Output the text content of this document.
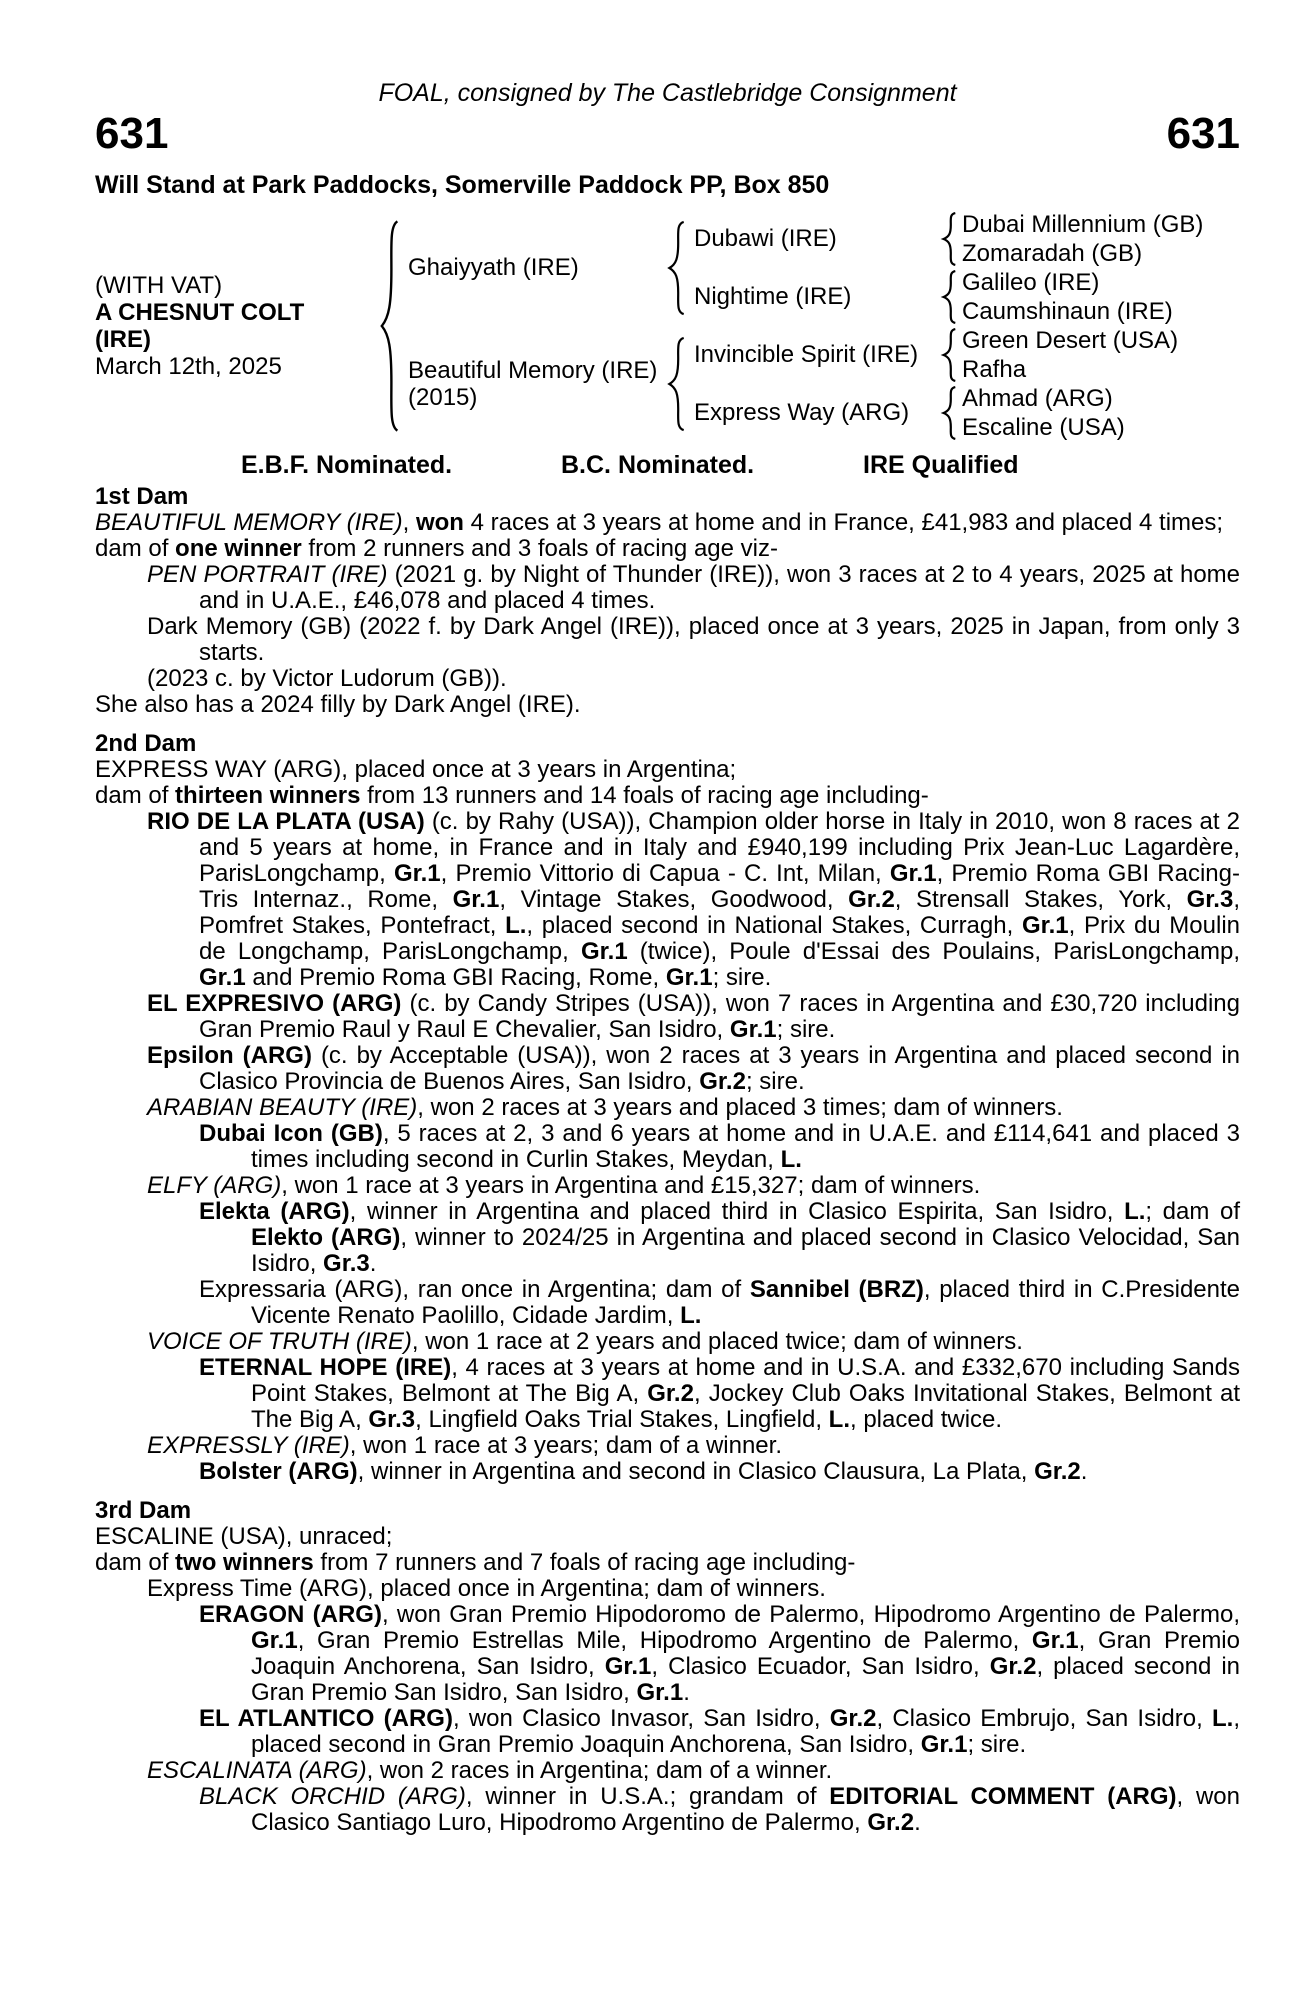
FOAL, consigned by The Castlebridge Consignment
631	631
Will Stand at Park Paddocks, Somerville Paddock PP, Box 850
(WITH VAT)
A CHESNUT COLT
(IRE)
March 12th, 2025
Ghaiyyath (IRE)
Beautiful Memory (IRE)
(2015)
Dubawi (IRE)
Nightime (IRE)
Invincible Spirit (IRE)
Express Way (ARG)
Dubai Millennium (GB)
Zomaradah (GB)
Galileo (IRE)
Caumshinaun (IRE)
Green Desert (USA)
Rafha
Ahmad (ARG)
Escaline (USA)
E.B.F. Nominated.	B.C. Nominated.	IRE Qualified
1st Dam
BEAUTIFUL MEMORY (IRE), won 4 races at 3 years at home and in France, £41,983 and placed 4 times;
dam of one winner from 2 runners and 3 foals of racing age viz-
PEN PORTRAIT (IRE) (2021 g. by Night of Thunder (IRE)), won 3 races at 2 to 4 years, 2025 at home and in U.A.E., £46,078 and placed 4 times.
Dark Memory (GB) (2022 f. by Dark Angel (IRE)), placed once at 3 years, 2025 in Japan, from only 3 starts.
(2023 c. by Victor Ludorum (GB)).
She also has a 2024 filly by Dark Angel (IRE).
2nd Dam
EXPRESS WAY (ARG), placed once at 3 years in Argentina;
dam of thirteen winners from 13 runners and 14 foals of racing age including-
RIO DE LA PLATA (USA) (c. by Rahy (USA)), Champion older horse in Italy in 2010, won 8 races at 2 and 5 years at home, in France and in Italy and £940,199 including Prix Jean-Luc Lagardère, ParisLongchamp, Gr.1, Premio Vittorio di Capua - C. Int, Milan, Gr.1, Premio Roma GBI Racing-Tris Internaz., Rome, Gr.1, Vintage Stakes, Goodwood, Gr.2, Strensall Stakes, York, Gr.3, Pomfret Stakes, Pontefract, L., placed second in National Stakes, Curragh, Gr.1, Prix du Moulin de Longchamp, ParisLongchamp, Gr.1 (twice), Poule d'Essai des Poulains, ParisLongchamp, Gr.1 and Premio Roma GBI Racing, Rome, Gr.1; sire.
EL EXPRESIVO (ARG) (c. by Candy Stripes (USA)), won 7 races in Argentina and £30,720 including Gran Premio Raul y Raul E Chevalier, San Isidro, Gr.1; sire.
Epsilon (ARG) (c. by Acceptable (USA)), won 2 races at 3 years in Argentina and placed second in Clasico Provincia de Buenos Aires, San Isidro, Gr.2; sire.
ARABIAN BEAUTY (IRE), won 2 races at 3 years and placed 3 times; dam of winners.
Dubai Icon (GB), 5 races at 2, 3 and 6 years at home and in U.A.E. and £114,641 and placed 3 times including second in Curlin Stakes, Meydan, L.
ELFY (ARG), won 1 race at 3 years in Argentina and £15,327; dam of winners.
Elekta (ARG), winner in Argentina and placed third in Clasico Espirita, San Isidro, L.; dam of Elekto (ARG), winner to 2024/25 in Argentina and placed second in Clasico Velocidad, San Isidro, Gr.3.
Expressaria (ARG), ran once in Argentina; dam of Sannibel (BRZ), placed third in C.Presidente Vicente Renato Paolillo, Cidade Jardim, L.
VOICE OF TRUTH (IRE), won 1 race at 2 years and placed twice; dam of winners.
ETERNAL HOPE (IRE), 4 races at 3 years at home and in U.S.A. and £332,670 including Sands Point Stakes, Belmont at The Big A, Gr.2, Jockey Club Oaks Invitational Stakes, Belmont at The Big A, Gr.3, Lingfield Oaks Trial Stakes, Lingfield, L., placed twice.
EXPRESSLY (IRE), won 1 race at 3 years; dam of a winner.
Bolster (ARG), winner in Argentina and second in Clasico Clausura, La Plata, Gr.2.
3rd Dam
ESCALINE (USA), unraced;
dam of two winners from 7 runners and 7 foals of racing age including-
Express Time (ARG), placed once in Argentina; dam of winners.
ERAGON (ARG), won Gran Premio Hipodoromo de Palermo, Hipodromo Argentino de Palermo, Gr.1, Gran Premio Estrellas Mile, Hipodromo Argentino de Palermo, Gr.1, Gran Premio Joaquin Anchorena, San Isidro, Gr.1, Clasico Ecuador, San Isidro, Gr.2, placed second in Gran Premio San Isidro, San Isidro, Gr.1.
EL ATLANTICO (ARG), won Clasico Invasor, San Isidro, Gr.2, Clasico Embrujo, San Isidro, L., placed second in Gran Premio Joaquin Anchorena, San Isidro, Gr.1; sire.
ESCALINATA (ARG), won 2 races in Argentina; dam of a winner.
BLACK ORCHID (ARG), winner in U.S.A.; grandam of EDITORIAL COMMENT (ARG), won Clasico Santiago Luro, Hipodromo Argentino de Palermo, Gr.2.
